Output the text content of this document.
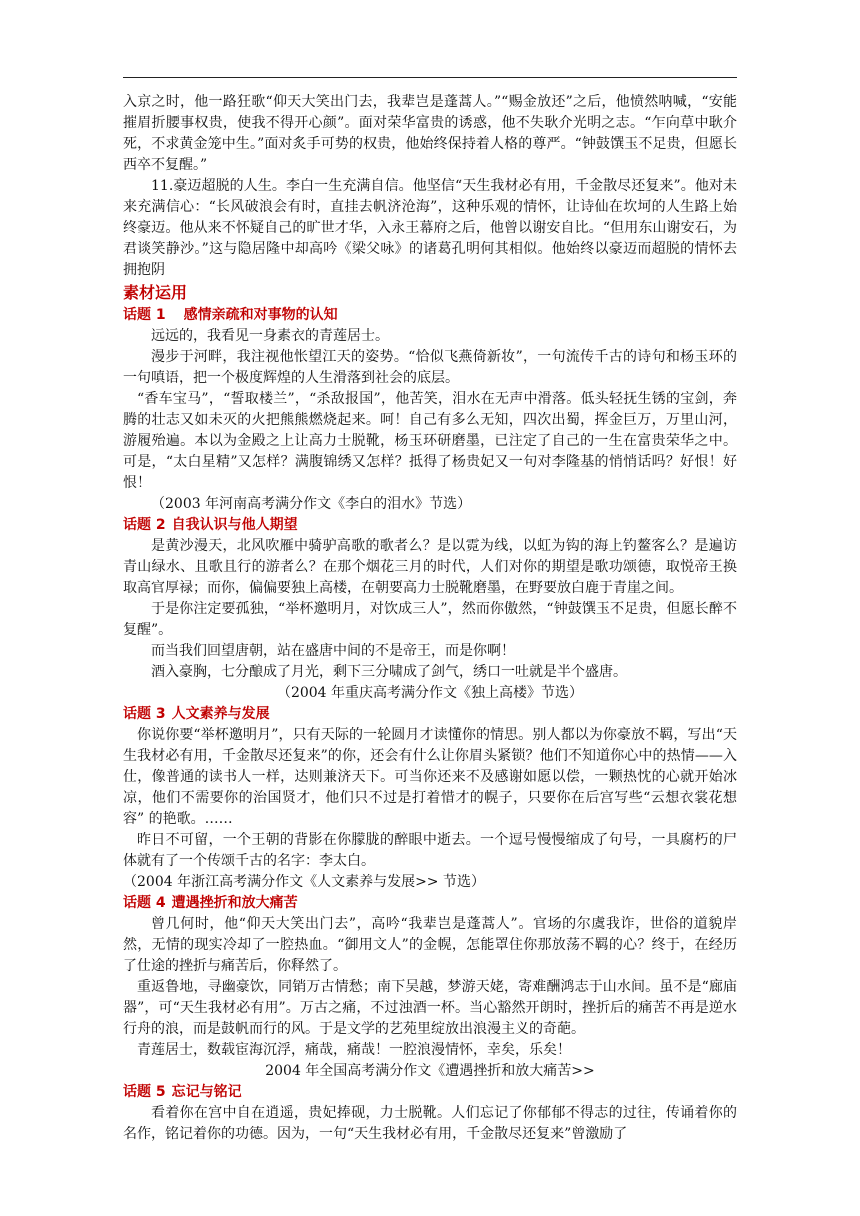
入京之时，他一路狂歌“仰天大笑出门去，我辈岂是蓬蒿人。”“赐金放还”之后，他愤然呐喊，“安能摧眉折腰事权贵，使我不得开心颜”。面对荣华富贵的诱惑，他不失耿介光明之志。“乍向草中耿介死，不求黄金笼中生。”面对炙手可势的权贵，他始终保持着人格的尊严。“钟鼓馔玉不足贵，但愿长西卒不复醒。”

11.豪迈超脱的人生。李白一生充满自信。他坚信“天生我材必有用，千金散尽还复来”。他对未来充满信心：“长风破浪会有时，直挂去帆济沧海”，这种乐观的情怀，让诗仙在坎坷的人生路上始终豪迈。他从来不怀疑自己的旷世才华，入永王幕府之后，他曾以谢安自比。“但用东山谢安石，为君谈笑静沙。”这与隐居隆中却高吟《梁父咏》的诸葛孔明何其相似。他始终以豪迈而超脱的情怀去拥抱阴

素材运用
话题 1 感情亲疏和对事物的认知

远远的，我看见一身素衣的青莲居士。

漫步于河畔，我注视他怅望江天的姿势。“恰似飞燕倚新妆”，一句流传千古的诗句和杨玉环的一句嗔语，把一个极度辉煌的人生滑落到社会的底层。

“香车宝马”，“誓取楼兰”，“杀敌报国”，他苦笑，泪水在无声中滑落。低头轻抚生锈的宝剑，奔腾的壮志又如未灭的火把熊熊燃烧起来。呵！自己有多么无知，四次出蜀，挥金巨万，万里山河，游履殆遍。本以为金殿之上让高力士脱靴，杨玉环研磨墨，已注定了自己的一生在富贵荣华之中。可是，“太白星精”又怎样？满腹锦绣又怎样？抵得了杨贵妃又一句对李隆基的悄悄话吗？好恨！好恨！

（2003 年河南高考满分作文《李白的泪水》节选）

话题 2 自我认识与他人期望

是黄沙漫天，北风吹雁中骑驴高歌的歌者么？是以霓为线，以虹为钩的海上钓鳌客么？是遍访青山绿水、且歌且行的游者么？在那个烟花三月的时代，人们对你的期望是歌功颂德，取悦帝王换取高官厚禄；而你，偏偏要独上高楼，在朝要高力士脱靴磨墨，在野要放白鹿于青崖之间。

于是你注定要孤独，“举杯邀明月，对饮成三人”，然而你傲然，“钟鼓馔玉不足贵，但愿长醉不复醒”。

而当我们回望唐朝，站在盛唐中间的不是帝王，而是你啊！

酒入豪胸，七分酿成了月光，剩下三分啸成了剑气，绣口一吐就是半个盛唐。

（2004 年重庆高考满分作文《独上高楼》节选）

话题 3 人文素养与发展

你说你要“举杯邀明月”，只有天际的一轮圆月才读懂你的情思。别人都以为你豪放不羁，写出“天生我材必有用，千金散尽还复来”的你，还会有什么让你眉头紧锁？他们不知道你心中的热情——入仕，像普通的读书人一样，达则兼济天下。可当你还来不及感谢如愿以偿，一颗热忱的心就开始冰凉，他们不需要你的治国贤才，他们只不过是打着惜才的幌子，只要你在后宫写些“云想衣裳花想容” 的艳歌。……

昨日不可留，一个王朝的背影在你朦胧的醉眼中逝去。一个逗号慢慢缩成了句号，一具腐朽的尸体就有了一个传颂千古的名字：李太白。

（2004 年浙江高考满分作文《人文素养与发展>> 节选）

话题 4 遭遇挫折和放大痛苦

曾几何时，他“仰天大笑出门去”，高吟“我辈岂是蓬蒿人”。官场的尔虞我诈，世俗的道貌岸然，无情的现实冷却了一腔热血。“御用文人”的金幌，怎能罩住你那放荡不羁的心？终于，在经历了仕途的挫折与痛苦后，你释然了。

重返鲁地，寻幽豪饮，同销万古情愁；南下吴越，梦游天姥，寄难酬鸿志于山水间。虽不是“廊庙器”，可“天生我材必有用”。万古之痛，不过浊酒一杯。当心豁然开朗时，挫折后的痛苦不再是逆水行舟的浪，而是鼓帆而行的风。于是文学的艺苑里绽放出浪漫主义的奇葩。

青莲居士，数载宦海沉浮，痛哉，痛哉！一腔浪漫情怀，幸矣，乐矣！

2004 年全国高考满分作文《遭遇挫折和放大痛苦>>

话题 5 忘记与铭记

看着你在宫中自在逍遥，贵妃捧砚，力士脱靴。人们忘记了你郁郁不得志的过往，传诵着你的名作，铭记着你的功德。因为，一句“天生我材必有用，千金散尽还复来”曾激励了
